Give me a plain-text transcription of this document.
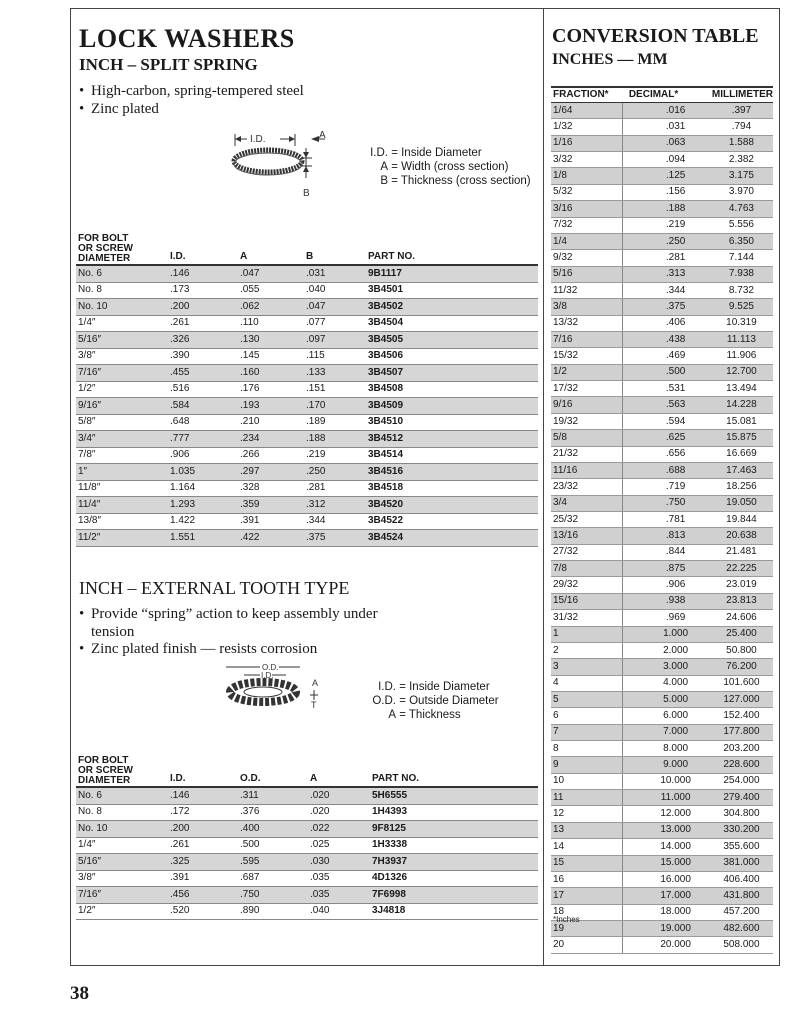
LOCK WASHERS
INCH – SPLIT SPRING
• High-carbon, spring-tempered steel
• Zinc plated
I.D.	A
B
I.D. = Inside Diameter
A = Width (cross section)
B = Thickness (cross section)
FOR BOLT OR SCREW DIAMETER	I.D.	A	B	PART NO.
No. 6	.146	.047	.031	9B1117
No. 8	.173	.055	.040	3B4501
No. 10	.200	.062	.047	3B4502
1/4″	.261	.110	.077	3B4504
5/16″	.326	.130	.097	3B4505
3/8″	.390	.145	.115	3B4506
7/16″	.455	.160	.133	3B4507
1/2″	.516	.176	.151	3B4508
9/16″	.584	.193	.170	3B4509
5/8″	.648	.210	.189	3B4510
3/4″	.777	.234	.188	3B4512
7/8″	.906	.266	.219	3B4514
1″	1.035	.297	.250	3B4516
11/8″	1.164	.328	.281	3B4518
11/4″	1.293	.359	.312	3B4520
13/8″	1.422	.391	.344	3B4522
11/2″	1.551	.422	.375	3B4524
INCH – EXTERNAL TOOTH TYPE
• Provide “spring” action to keep assembly under tension
• Zinc plated finish — resists corrosion
O.D.
I.D.
A
T
I.D. = Inside Diameter
O.D. = Outside Diameter
A = Thickness
FOR BOLT OR SCREW DIAMETER	I.D.	O.D.	A	PART NO.
No. 6	.146	.311	.020	5H6555
No. 8	.172	.376	.020	1H4393
No. 10	.200	.400	.022	9F8125
1/4″	.261	.500	.025	1H3338
5/16″	.325	.595	.030	7H3937
3/8″	.391	.687	.035	4D1326
7/16″	.456	.750	.035	7F6998
1/2″	.520	.890	.040	3J4818
CONVERSION TABLE
INCHES — MM
FRACTION*	DECIMAL*	MILLIMETER
1/64	.016	.397
1/32	.031	.794
1/16	.063	1.588
3/32	.094	2.382
1/8	.125	3.175
5/32	.156	3.970
3/16	.188	4.763
7/32	.219	5.556
1/4	.250	6.350
9/32	.281	7.144
5/16	.313	7.938
11/32	.344	8.732
3/8	.375	9.525
13/32	.406	10.319
7/16	.438	11.113
15/32	.469	11.906
1/2	.500	12.700
17/32	.531	13.494
9/16	.563	14.228
19/32	.594	15.081
5/8	.625	15.875
21/32	.656	16.669
11/16	.688	17.463
23/32	.719	18.256
3/4	.750	19.050
25/32	.781	19.844
13/16	.813	20.638
27/32	.844	21.481
7/8	.875	22.225
29/32	.906	23.019
15/16	.938	23.813
31/32	.969	24.606
1	1.000	25.400
2	2.000	50.800
3	3.000	76.200
4	4.000	101.600
5	5.000	127.000
6	6.000	152.400
7	7.000	177.800
8	8.000	203.200
9	9.000	228.600
10	10.000	254.000
11	11.000	279.400
12	12.000	304.800
13	13.000	330.200
14	14.000	355.600
15	15.000	381.000
16	16.000	406.400
17	17.000	431.800
18	18.000	457.200
19	19.000	482.600
20	20.000	508.000
*Inches
38
